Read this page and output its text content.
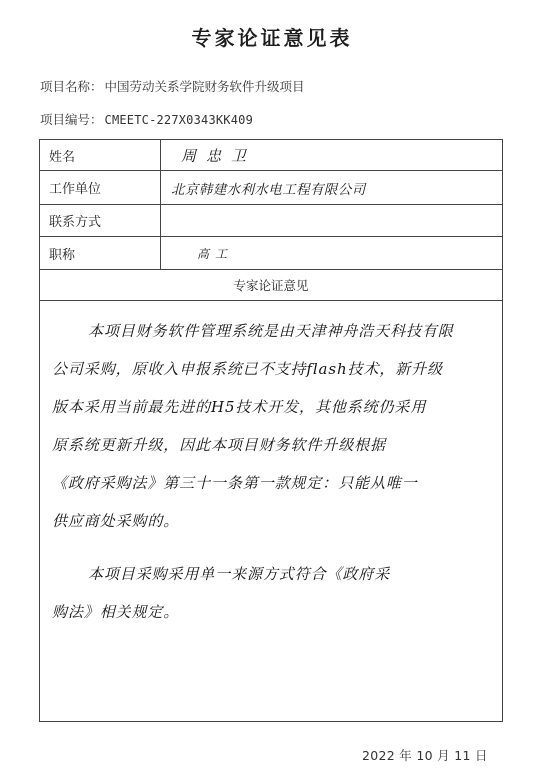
专家论证意见表
项目名称： 中国劳动关系学院财务软件升级项目
项目编号： CMEETC-227X0343KK409
姓名	周忠卫
工作单位	北京韩建水利水电工程有限公司
联系方式
职称	高工
专家论证意见
本项目财务软件管理系统是由天津神舟浩天科技有限
公司采购，原收入申报系统已不支持flash技术，新升级
版本采用当前最先进的H5技术开发，其他系统仍采用
原系统更新升级，因此本项目财务软件升级根据
《政府采购法》第三十一条第一款规定：只能从唯一
供应商处采购的。
本项目采购采用单一来源方式符合《政府采
购法》相关规定。
2022 年 10 月 11 日
